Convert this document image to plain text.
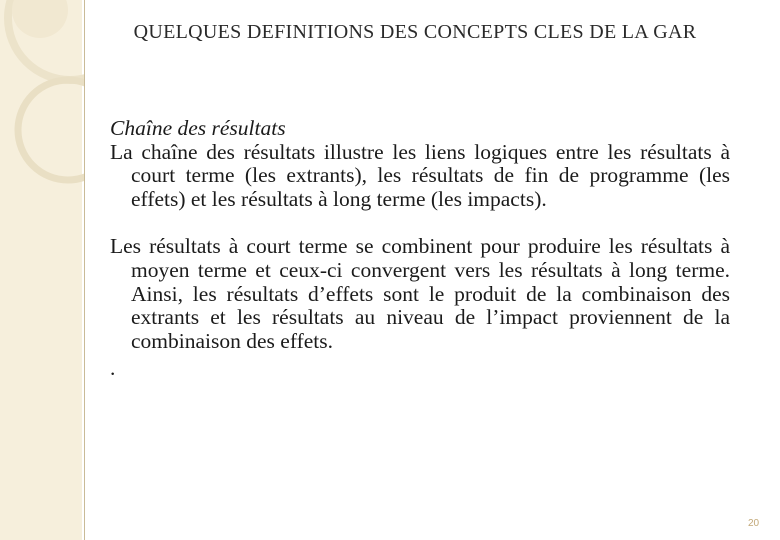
QUELQUES DEFINITIONS DES CONCEPTS CLES DE LA GAR

Chaîne des résultats

La chaîne des résultats illustre les liens logiques entre les résultats à court terme (les extrants), les résultats de fin de programme (les effets) et les résultats à long terme (les impacts).

Les résultats à court terme se combinent pour produire les résultats à moyen terme et ceux-ci convergent vers les résultats à long terme. Ainsi, les résultats d’effets sont le produit de la combinaison des extrants et les résultats au niveau de l’impact proviennent de la combinaison des effets.

.

20
